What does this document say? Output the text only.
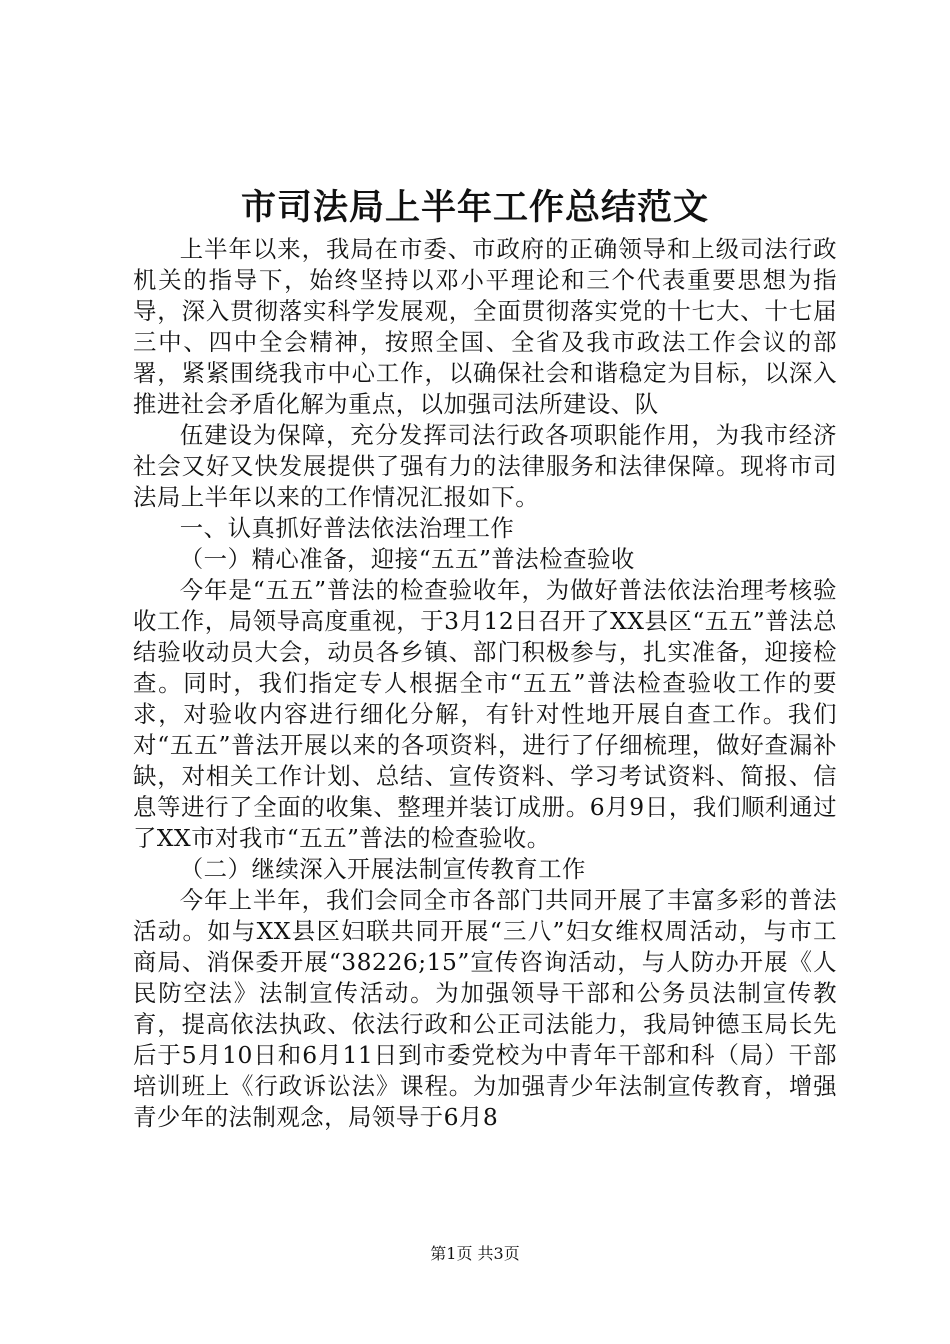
市司法局上半年工作总结范文

上半年以来，我局在市委、市政府的正确领导和上级司法行政机关的指导下，始终坚持以邓小平理论和三个代表重要思想为指导，深入贯彻落实科学发展观，全面贯彻落实党的十七大、十七届三中、四中全会精神，按照全国、全省及我市政法工作会议的部署，紧紧围绕我市中心工作，以确保社会和谐稳定为目标，以深入推进社会矛盾化解为重点，以加强司法所建设、队

伍建设为保障，充分发挥司法行政各项职能作用，为我市经济社会又好又快发展提供了强有力的法律服务和法律保障。现将市司法局上半年以来的工作情况汇报如下。

一、认真抓好普法依法治理工作

（一）精心准备，迎接“五五”普法检查验收

今年是“五五”普法的检查验收年，为做好普法依法治理考核验收工作，局领导高度重视，于3月12日召开了XX县区“五五”普法总结验收动员大会，动员各乡镇、部门积极参与，扎实准备，迎接检查。同时，我们指定专人根据全市“五五”普法检查验收工作的要求，对验收内容进行细化分解，有针对性地开展自查工作。我们对“五五”普法开展以来的各项资料，进行了仔细梳理，做好查漏补缺，对相关工作计划、总结、宣传资料、学习考试资料、简报、信息等进行了全面的收集、整理并装订成册。6月9日，我们顺利通过了XX市对我市“五五”普法的检查验收。

（二）继续深入开展法制宣传教育工作

今年上半年，我们会同全市各部门共同开展了丰富多彩的普法活动。如与XX县区妇联共同开展“三八”妇女维权周活动，与市工商局、消保委开展“38226;15”宣传咨询活动，与人防办开展《人民防空法》法制宣传活动。为加强领导干部和公务员法制宣传教育，提高依法执政、依法行政和公正司法能力，我局钟德玉局长先后于5月10日和6月11日到市委党校为中青年干部和科（局）干部培训班上《行政诉讼法》课程。为加强青少年法制宣传教育，增强青少年的法制观念，局领导于6月8

第1页 共3页
